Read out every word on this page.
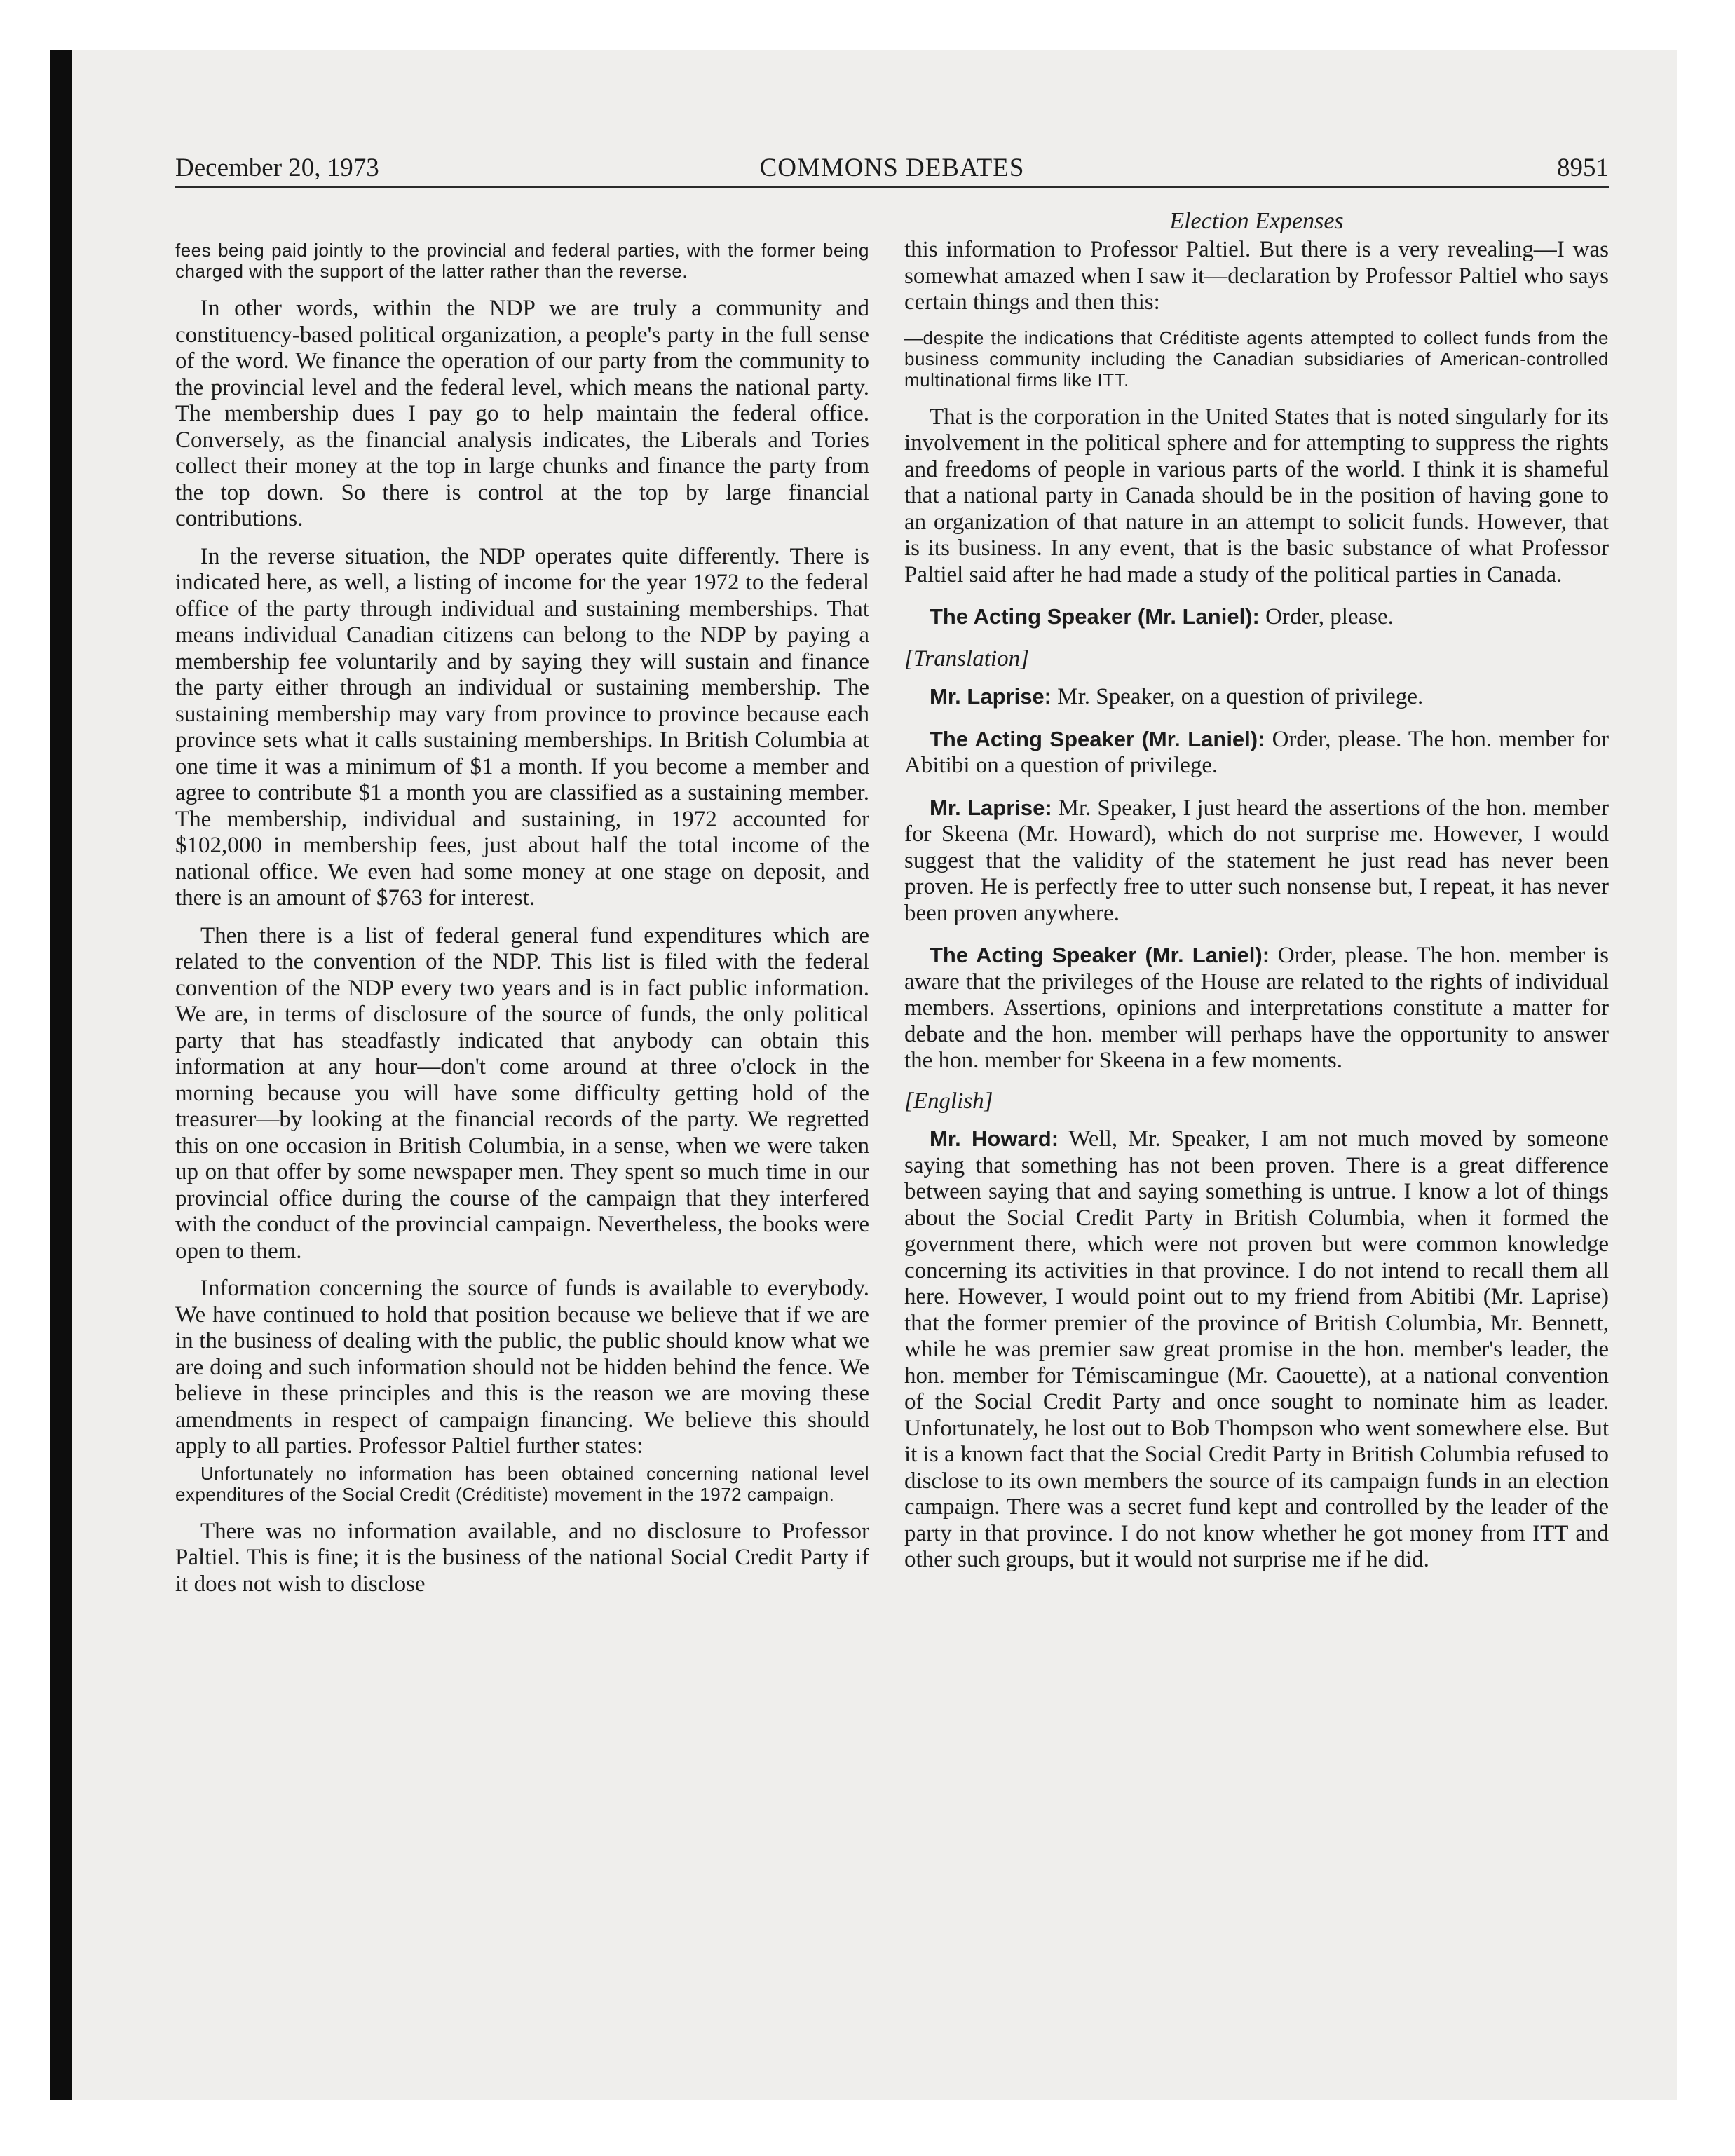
December 20, 1973	COMMONS DEBATES	8951
fees being paid jointly to the provincial and federal parties, with the former being charged with the support of the latter rather than the reverse.

In other words, within the NDP we are truly a community and constituency-based political organization, a people's party in the full sense of the word. We finance the operation of our party from the community to the provincial level and the federal level, which means the national party. The membership dues I pay go to help maintain the federal office. Conversely, as the financial analysis indicates, the Liberals and Tories collect their money at the top in large chunks and finance the party from the top down. So there is control at the top by large financial contributions.

In the reverse situation, the NDP operates quite differently. There is indicated here, as well, a listing of income for the year 1972 to the federal office of the party through individual and sustaining memberships. That means individual Canadian citizens can belong to the NDP by paying a membership fee voluntarily and by saying they will sustain and finance the party either through an individual or sustaining membership. The sustaining membership may vary from province to province because each province sets what it calls sustaining memberships. In British Columbia at one time it was a minimum of $1 a month. If you become a member and agree to contribute $1 a month you are classified as a sustaining member. The membership, individual and sustaining, in 1972 accounted for $102,000 in membership fees, just about half the total income of the national office. We even had some money at one stage on deposit, and there is an amount of $763 for interest.

Then there is a list of federal general fund expenditures which are related to the convention of the NDP. This list is filed with the federal convention of the NDP every two years and is in fact public information. We are, in terms of disclosure of the source of funds, the only political party that has steadfastly indicated that anybody can obtain this information at any hour—don't come around at three o'clock in the morning because you will have some difficulty getting hold of the treasurer—by looking at the financial records of the party. We regretted this on one occasion in British Columbia, in a sense, when we were taken up on that offer by some newspaper men. They spent so much time in our provincial office during the course of the campaign that they interfered with the conduct of the provincial campaign. Nevertheless, the books were open to them.

Information concerning the source of funds is available to everybody. We have continued to hold that position because we believe that if we are in the business of dealing with the public, the public should know what we are doing and such information should not be hidden behind the fence. We believe in these principles and this is the reason we are moving these amendments in respect of campaign financing. We believe this should apply to all parties. Professor Paltiel further states:

Unfortunately no information has been obtained concerning national level expenditures of the Social Credit (Créditiste) movement in the 1972 campaign.

There was no information available, and no disclosure to Professor Paltiel. This is fine; it is the business of the national Social Credit Party if it does not wish to disclose

Election Expenses

this information to Professor Paltiel. But there is a very revealing—I was somewhat amazed when I saw it—declaration by Professor Paltiel who says certain things and then this:

—despite the indications that Créditiste agents attempted to collect funds from the business community including the Canadian subsidiaries of American-controlled multinational firms like ITT.

That is the corporation in the United States that is noted singularly for its involvement in the political sphere and for attempting to suppress the rights and freedoms of people in various parts of the world. I think it is shameful that a national party in Canada should be in the position of having gone to an organization of that nature in an attempt to solicit funds. However, that is its business. In any event, that is the basic substance of what Professor Paltiel said after he had made a study of the political parties in Canada.

The Acting Speaker (Mr. Laniel): Order, please.

[Translation]

Mr. Laprise: Mr. Speaker, on a question of privilege.

The Acting Speaker (Mr. Laniel): Order, please. The hon. member for Abitibi on a question of privilege.

Mr. Laprise: Mr. Speaker, I just heard the assertions of the hon. member for Skeena (Mr. Howard), which do not surprise me. However, I would suggest that the validity of the statement he just read has never been proven. He is perfectly free to utter such nonsense but, I repeat, it has never been proven anywhere.

The Acting Speaker (Mr. Laniel): Order, please. The hon. member is aware that the privileges of the House are related to the rights of individual members. Assertions, opinions and interpretations constitute a matter for debate and the hon. member will perhaps have the opportunity to answer the hon. member for Skeena in a few moments.

[English]

Mr. Howard: Well, Mr. Speaker, I am not much moved by someone saying that something has not been proven. There is a great difference between saying that and saying something is untrue. I know a lot of things about the Social Credit Party in British Columbia, when it formed the government there, which were not proven but were common knowledge concerning its activities in that province. I do not intend to recall them all here. However, I would point out to my friend from Abitibi (Mr. Laprise) that the former premier of the province of British Columbia, Mr. Bennett, while he was premier saw great promise in the hon. member's leader, the hon. member for Témiscamingue (Mr. Caouette), at a national convention of the Social Credit Party and once sought to nominate him as leader. Unfortunately, he lost out to Bob Thompson who went somewhere else. But it is a known fact that the Social Credit Party in British Columbia refused to disclose to its own members the source of its campaign funds in an election campaign. There was a secret fund kept and controlled by the leader of the party in that province. I do not know whether he got money from ITT and other such groups, but it would not surprise me if he did.
